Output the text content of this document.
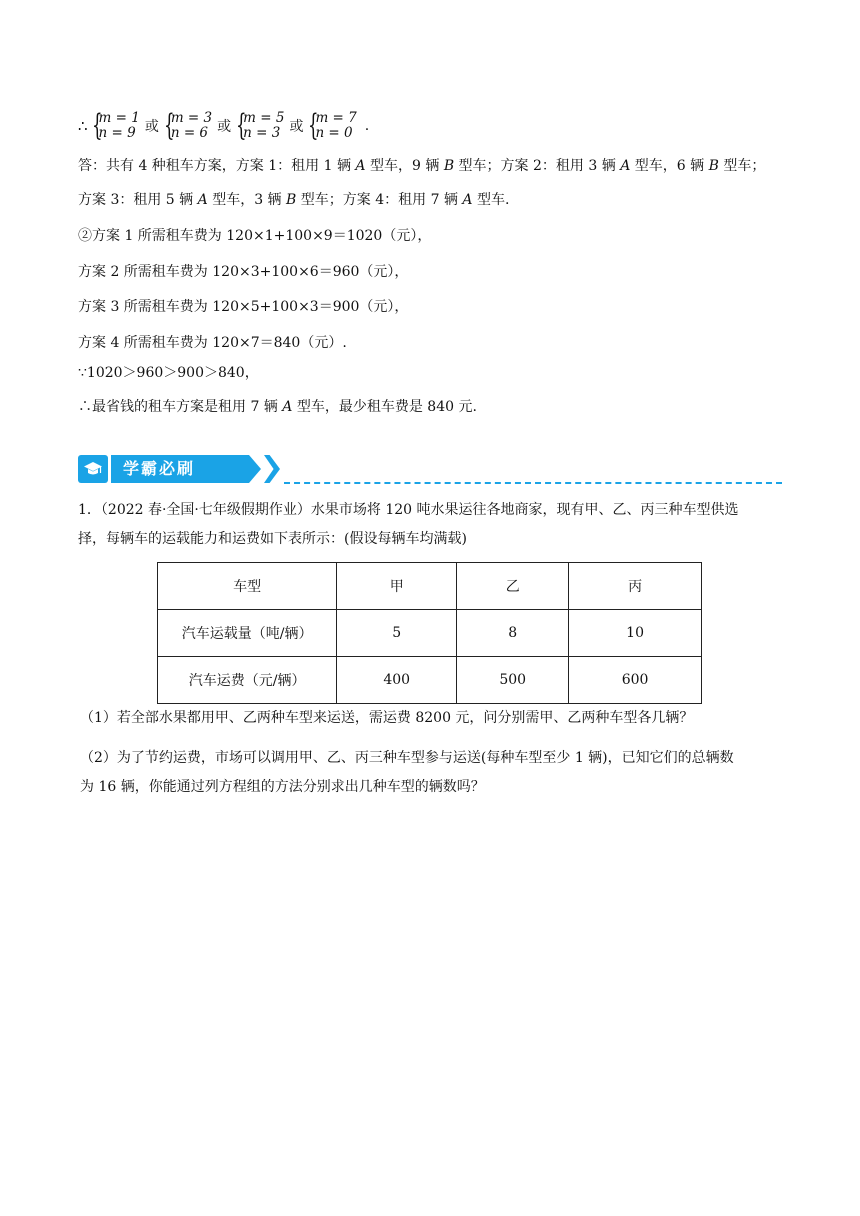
∴ {
m = 1
n = 9 或 {
m = 3
n = 6 或 {
m = 5
n = 3 或 {
m = 7
n = 0 .
答：共有 4 种租车方案，方案 1：租用 1 辆 A 型车，9 辆 B 型车；方案 2：租用 3 辆 A 型车，6 辆 B 型车；
方案 3：租用 5 辆 A 型车，3 辆 B 型车；方案 4：租用 7 辆 A 型车.
②方案 1 所需租车费为 120×1+100×9＝1020（元），
方案 2 所需租车费为 120×3+100×6＝960（元），
方案 3 所需租车费为 120×5+100×3＝900（元），
方案 4 所需租车费为 120×7＝840（元）.
∵1020＞960＞900＞840，
∴最省钱的租车方案是租用 7 辆 A 型车，最少租车费是 840 元.
学霸必刷
1．（2022 春·全国·七年级假期作业）水果市场将 120 吨水果运往各地商家，现有甲、乙、丙三种车型供选
择，每辆车的运载能力和运费如下表所示：(假设每辆车均满载)
车型	甲	乙	丙
汽车运载量（吨/辆）	5	8	10
汽车运费（元/辆）	400	500	600
（1）若全部水果都用甲、乙两种车型来运送，需运费 8200 元，问分别需甲、乙两种车型各几辆？
（2）为了节约运费，市场可以调用甲、乙、丙三种车型参与运送(每种车型至少 1 辆)，已知它们的总辆数
为 16 辆，你能通过列方程组的方法分别求出几种车型的辆数吗？
